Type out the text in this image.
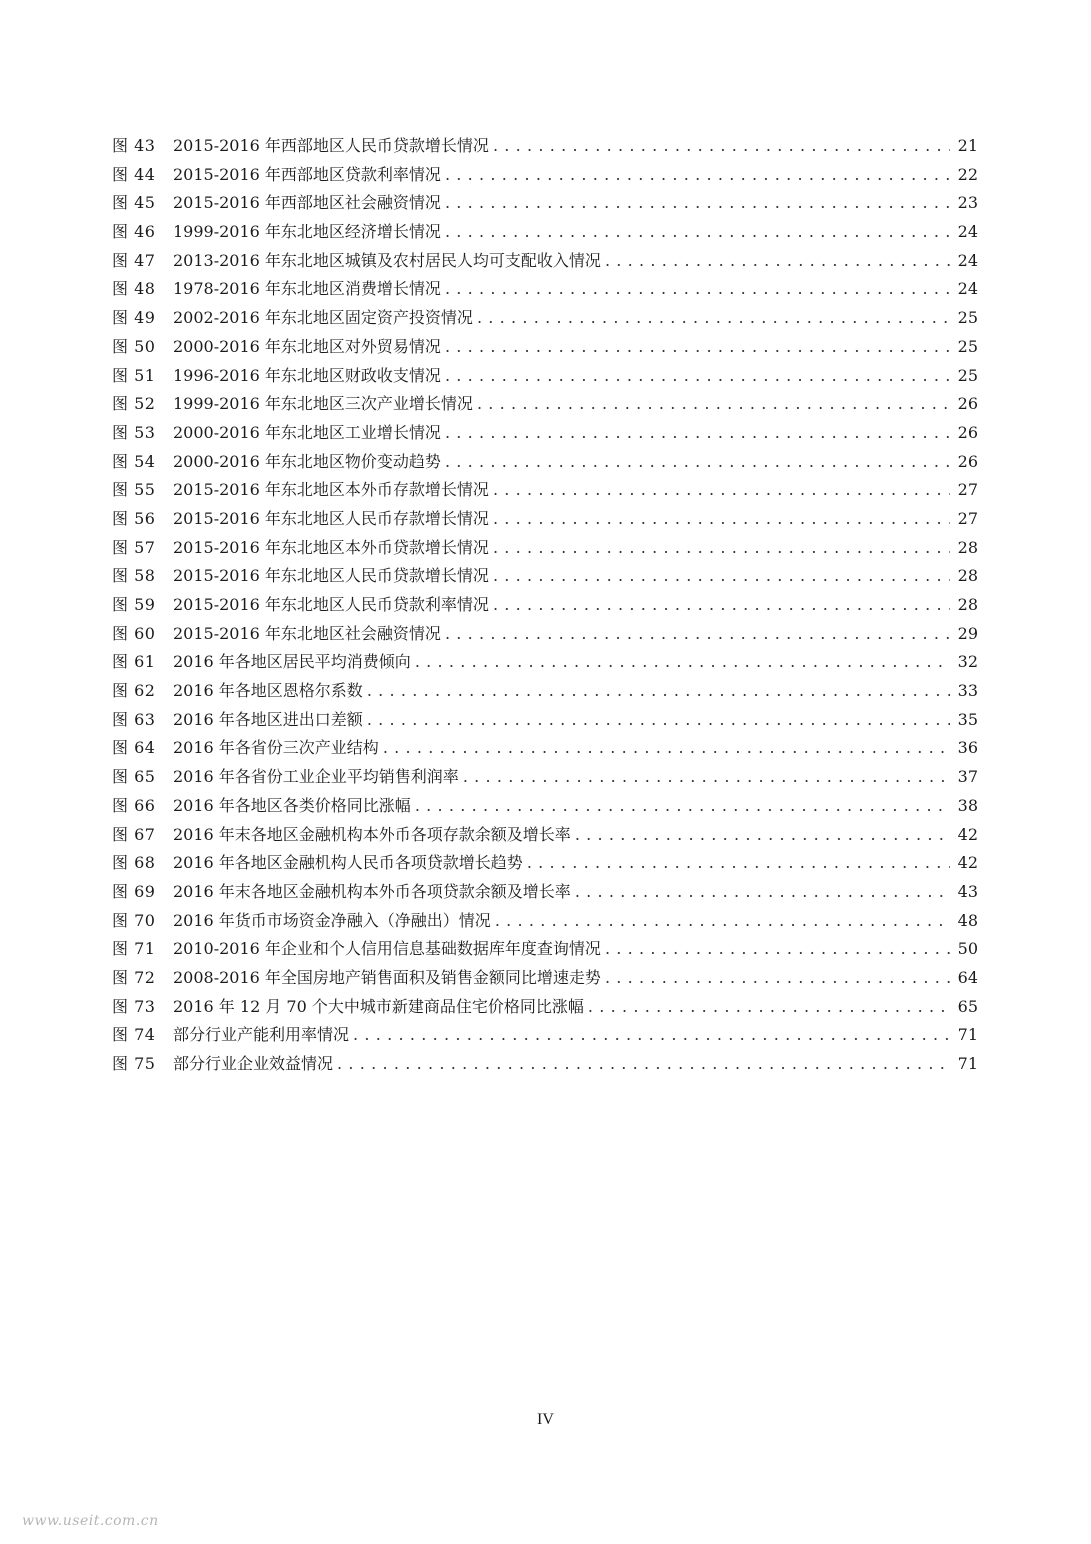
图 43	2015-2016 年西部地区人民币贷款增长情况 . . .	21
图 44	2015-2016 年西部地区贷款利率情况 . . .	22
图 45	2015-2016 年西部地区社会融资情况 . . .	23
图 46	1999-2016 年东北地区经济增长情况 . . .	24
图 47	2013-2016 年东北地区城镇及农村居民人均可支配收入情况 . . .	24
图 48	1978-2016 年东北地区消费增长情况 . . .	24
图 49	2002-2016 年东北地区固定资产投资情况 . . .	25
图 50	2000-2016 年东北地区对外贸易情况 . . .	25
图 51	1996-2016 年东北地区财政收支情况 . . .	25
图 52	1999-2016 年东北地区三次产业增长情况 . . .	26
图 53	2000-2016 年东北地区工业增长情况 . . .	26
图 54	2000-2016 年东北地区物价变动趋势 . . .	26
图 55	2015-2016 年东北地区本外币存款增长情况 . . .	27
图 56	2015-2016 年东北地区人民币存款增长情况 . . .	27
图 57	2015-2016 年东北地区本外币贷款增长情况 . . .	28
图 58	2015-2016 年东北地区人民币贷款增长情况 . . .	28
图 59	2015-2016 年东北地区人民币贷款利率情况 . . .	28
图 60	2015-2016 年东北地区社会融资情况 . . .	29
图 61	2016 年各地区居民平均消费倾向 . . .	32
图 62	2016 年各地区恩格尔系数 . . .	33
图 63	2016 年各地区进出口差额 . . .	35
图 64	2016 年各省份三次产业结构 . . .	36
图 65	2016 年各省份工业企业平均销售利润率 . . .	37
图 66	2016 年各地区各类价格同比涨幅 . . .	38
图 67	2016 年末各地区金融机构本外币各项存款余额及增长率 . . .	42
图 68	2016 年各地区金融机构人民币各项贷款增长趋势 . . .	42
图 69	2016 年末各地区金融机构本外币各项贷款余额及增长率 . . .	43
图 70	2016 年货币市场资金净融入（净融出）情况 . . .	48
图 71	2010-2016 年企业和个人信用信息基础数据库年度查询情况 . . .	50
图 72	2008-2016 年全国房地产销售面积及销售金额同比增速走势 . . .	64
图 73	2016 年 12 月 70 个大中城市新建商品住宅价格同比涨幅 . . .	65
图 74	部分行业产能利用率情况 . . .	71
图 75	部分行业企业效益情况 . . .	71
IV
www.useit.com.cn
